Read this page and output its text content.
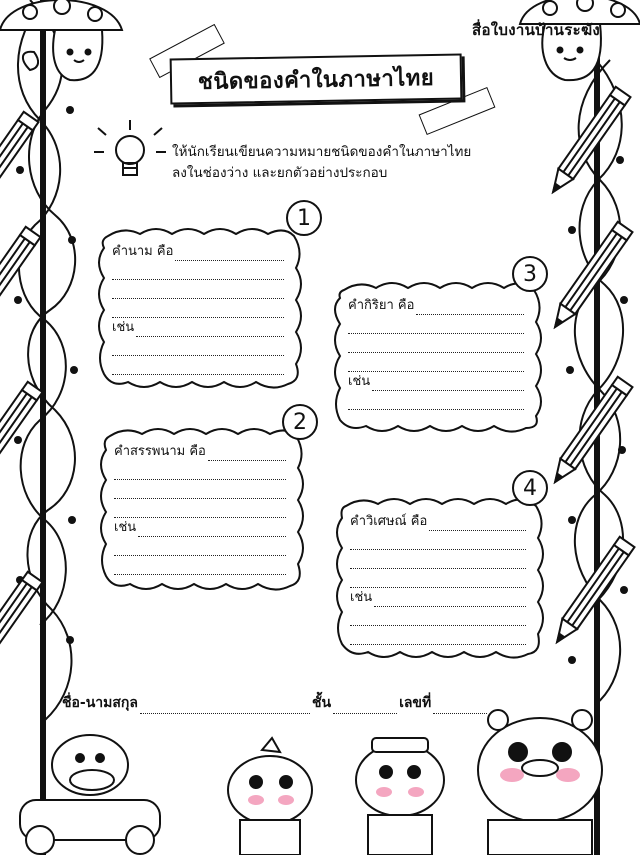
สื่อใบงานบ้านระฆัง
ชนิดของคำในภาษาไทย
ให้นักเรียนเขียนความหมายชนิดของคำในภาษาไทย
ลงในช่องว่าง และยกตัวอย่างประกอบ
คำนาม คือ
เช่น
1
คำสรรพนาม คือ
เช่น
2
คำกิริยา คือ
เช่น
3
คำวิเศษณ์ คือ
เช่น
4
ชื่อ-นามสกุล	ชั้น	เลขที่
